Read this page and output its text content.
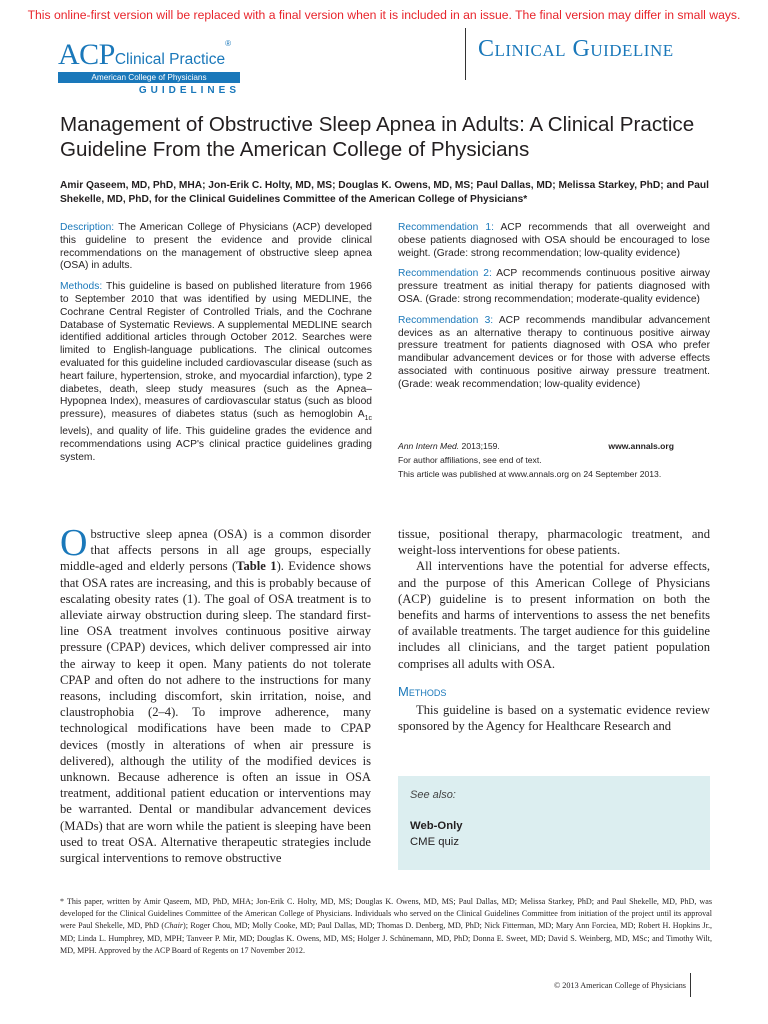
This online-first version will be replaced with a final version when it is included in an issue. The final version may differ in small ways.
ACPClinical Practice®
American College of Physicians
GUIDELINES
Clinical Guideline
Management of Obstructive Sleep Apnea in Adults: A Clinical Practice Guideline From the American College of Physicians
Amir Qaseem, MD, PhD, MHA; Jon-Erik C. Holty, MD, MS; Douglas K. Owens, MD, MS; Paul Dallas, MD; Melissa Starkey, PhD; and Paul Shekelle, MD, PhD, for the Clinical Guidelines Committee of the American College of Physicians*

Description: The American College of Physicians (ACP) developed this guideline to present the evidence and provide clinical recommendations on the management of obstructive sleep apnea (OSA) in adults.

Methods: This guideline is based on published literature from 1966 to September 2010 that was identified by using MEDLINE, the Cochrane Central Register of Controlled Trials, and the Cochrane Database of Systematic Reviews. A supplemental MEDLINE search identified additional articles through October 2012. Searches were limited to English-language publications. The clinical outcomes evaluated for this guideline included cardiovascular disease (such as heart failure, hypertension, stroke, and myocardial infarction), type 2 diabetes, death, sleep study measures (such as the Apnea–Hypopnea Index), measures of cardiovascular status (such as blood pressure), measures of diabetes status (such as hemoglobin $A_{1c}$ levels), and quality of life. This guideline grades the evidence and recommendations using ACP's clinical practice guidelines grading system.

Recommendation 1: ACP recommends that all overweight and obese patients diagnosed with OSA should be encouraged to lose weight. (Grade: strong recommendation; low-quality evidence)

Recommendation 2: ACP recommends continuous positive airway pressure treatment as initial therapy for patients diagnosed with OSA. (Grade: strong recommendation; moderate-quality evidence)

Recommendation 3: ACP recommends mandibular advancement devices as an alternative therapy to continuous positive airway pressure treatment for patients diagnosed with OSA who prefer mandibular advancement devices or for those with adverse effects associated with continuous positive airway pressure treatment. (Grade: weak recommendation; low-quality evidence)

Ann Intern Med. 2013;159.	www.annals.org
For author affiliations, see end of text.
This article was published at www.annals.org on 24 September 2013.
Obstructive sleep apnea (OSA) is a common disorder that affects persons in all age groups, especially middle-aged and elderly persons (Table 1). Evidence shows that OSA rates are increasing, and this is probably because of escalating obesity rates (1). The goal of OSA treatment is to alleviate airway obstruction during sleep. The standard first-line OSA treatment involves continuous positive airway pressure (CPAP) devices, which deliver compressed air into the airway to keep it open. Many patients do not tolerate CPAP and often do not adhere to the instructions for many reasons, including discomfort, skin irritation, noise, and claustrophobia (2–4). To improve adherence, many technological modifications have been made to CPAP devices (mostly in alterations of when air pressure is delivered), although the utility of the modified devices is unknown. Because adherence is often an issue in OSA treatment, additional patient education or interventions may be warranted. Dental or mandibular advancement devices (MADs) that are worn while the patient is sleeping have been used to treat OSA. Alternative therapeutic strategies include surgical interventions to remove obstructive

tissue, positional therapy, pharmacologic treatment, and weight-loss interventions for obese patients.

All interventions have the potential for adverse effects, and the purpose of this American College of Physicians (ACP) guideline is to present information on both the benefits and harms of interventions to assess the net benefits of available treatments. The target audience for this guideline includes all clinicians, and the target patient population comprises all adults with OSA.

Methods

This guideline is based on a systematic evidence review sponsored by the Agency for Healthcare Research and

See also:
Web-Only
CME quiz
* This paper, written by Amir Qaseem, MD, PhD, MHA; Jon-Erik C. Holty, MD, MS; Douglas K. Owens, MD, MS; Paul Dallas, MD; Melissa Starkey, PhD; and Paul Shekelle, MD, PhD, was developed for the Clinical Guidelines Committee of the American College of Physicians. Individuals who served on the Clinical Guidelines Committee from initiation of the project until its approval were Paul Shekelle, MD, PhD (Chair); Roger Chou, MD; Molly Cooke, MD; Paul Dallas, MD; Thomas D. Denberg, MD, PhD; Nick Fitterman, MD; Mary Ann Forciea, MD; Robert H. Hopkins Jr., MD; Linda L. Humphrey, MD, MPH; Tanveer P. Mir, MD; Douglas K. Owens, MD, MS; Holger J. Schünemann, MD, PhD; Donna E. Sweet, MD; David S. Weinberg, MD, MSc; and Timothy Wilt, MD, MPH. Approved by the ACP Board of Regents on 17 November 2012.
© 2013 American College of Physicians
